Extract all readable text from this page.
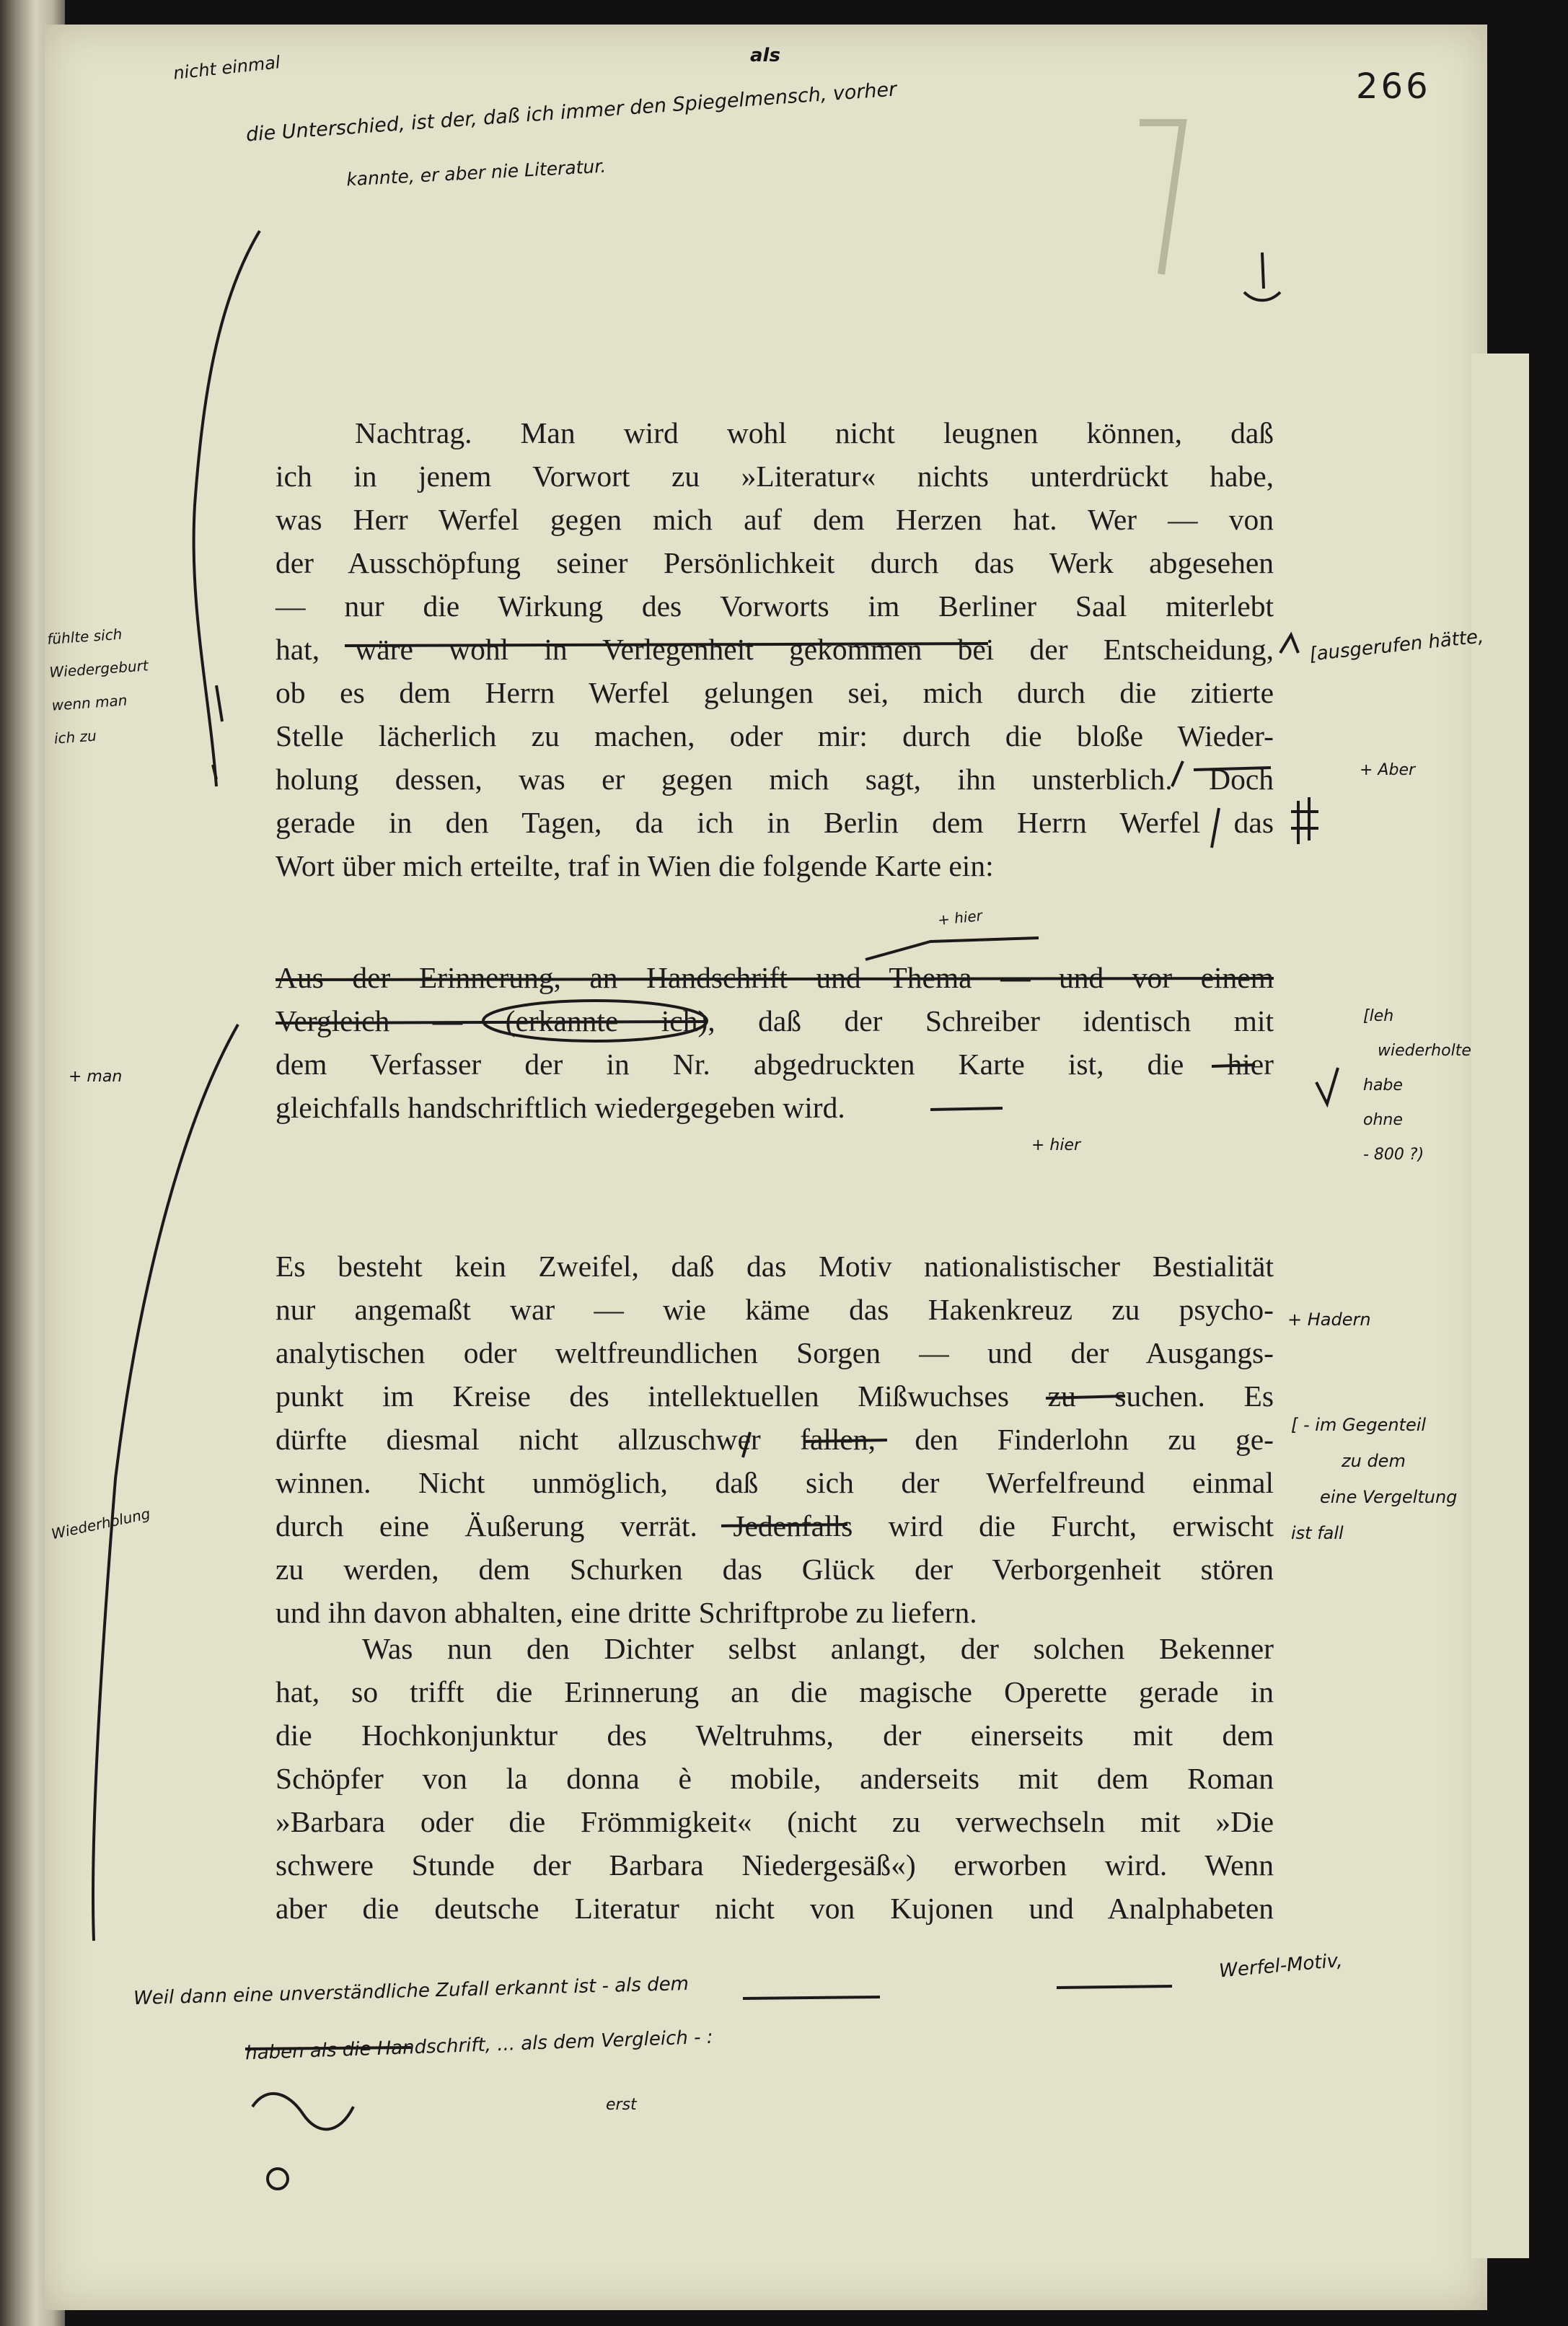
266
Nachtrag. Man wird wohl nicht leugnen können, daß
ich in jenem Vorwort zu »Literatur« nichts unterdrückt habe,
was Herr Werfel gegen mich auf dem Herzen hat. Wer — von
der Ausschöpfung seiner Persönlichkeit durch das Werk abgesehen
— nur die Wirkung des Vorworts im Berliner Saal miterlebt
hat, wäre wohl in Verlegenheit gekommen bei der Entscheidung,
ob es dem Herrn Werfel gelungen sei, mich durch die zitierte
Stelle lächerlich zu machen, oder mir: durch die bloße Wieder-
holung dessen, was er gegen mich sagt, ihn unsterblich. Doch
gerade in den Tagen, da ich in Berlin dem Herrn Werfel das
Wort über mich erteilte, traf in Wien die folgende Karte ein:
Aus der Erinnerung, an Handschrift und Thema — und vor einem
Vergleich — (erkannte ich), daß der Schreiber identisch mit
dem Verfasser der in Nr. abgedruckten Karte ist, die hier
gleichfalls handschriftlich wiedergegeben wird.
Es besteht kein Zweifel, daß das Motiv nationalistischer Bestialität
nur angemaßt war — wie käme das Hakenkreuz zu psycho-
analytischen oder weltfreundlichen Sorgen — und der Ausgangs-
punkt im Kreise des intellektuellen Mißwuchses zu suchen. Es
dürfte diesmal nicht allzuschwer fallen, den Finderlohn zu ge-
winnen. Nicht unmöglich, daß sich der Werfelfreund einmal
durch eine Äußerung verrät. Jedenfalls wird die Furcht, erwischt
zu werden, dem Schurken das Glück der Verborgenheit stören
und ihn davon abhalten, eine dritte Schriftprobe zu liefern.
Was nun den Dichter selbst anlangt, der solchen Bekenner
hat, so trifft die Erinnerung an die magische Operette gerade in
die Hochkonjunktur des Weltruhms, der einerseits mit dem
Schöpfer von la donna è mobile, anderseits mit dem Roman
»Barbara oder die Frömmigkeit« (nicht zu verwechseln mit »Die
schwere Stunde der Barbara Niedergesäß«) erworben wird. Wenn
aber die deutsche Literatur nicht von Kujonen und Analphabeten
nicht einmal
die Unterschied, ist der, daß ich immer den Spiegelmensch, vorher
kannte, er aber nie Literatur.
als
fühlte sich
Wiedergeburt
wenn man
ich zu
+ man
Wiederholung
[ausgerufen hätte,
+ Aber
+ Hadern
[leh
wiederholte
habe
ohne
- 800 ?)
+ hier
+ hier
[ - im Gegenteil
zu dem
eine Vergeltung
ist fall
Weil dann eine unverständliche Zufall erkannt ist - als dem
Werfel-Motiv,
haben als die Handschrift, ... als dem Vergleich - :
erst
